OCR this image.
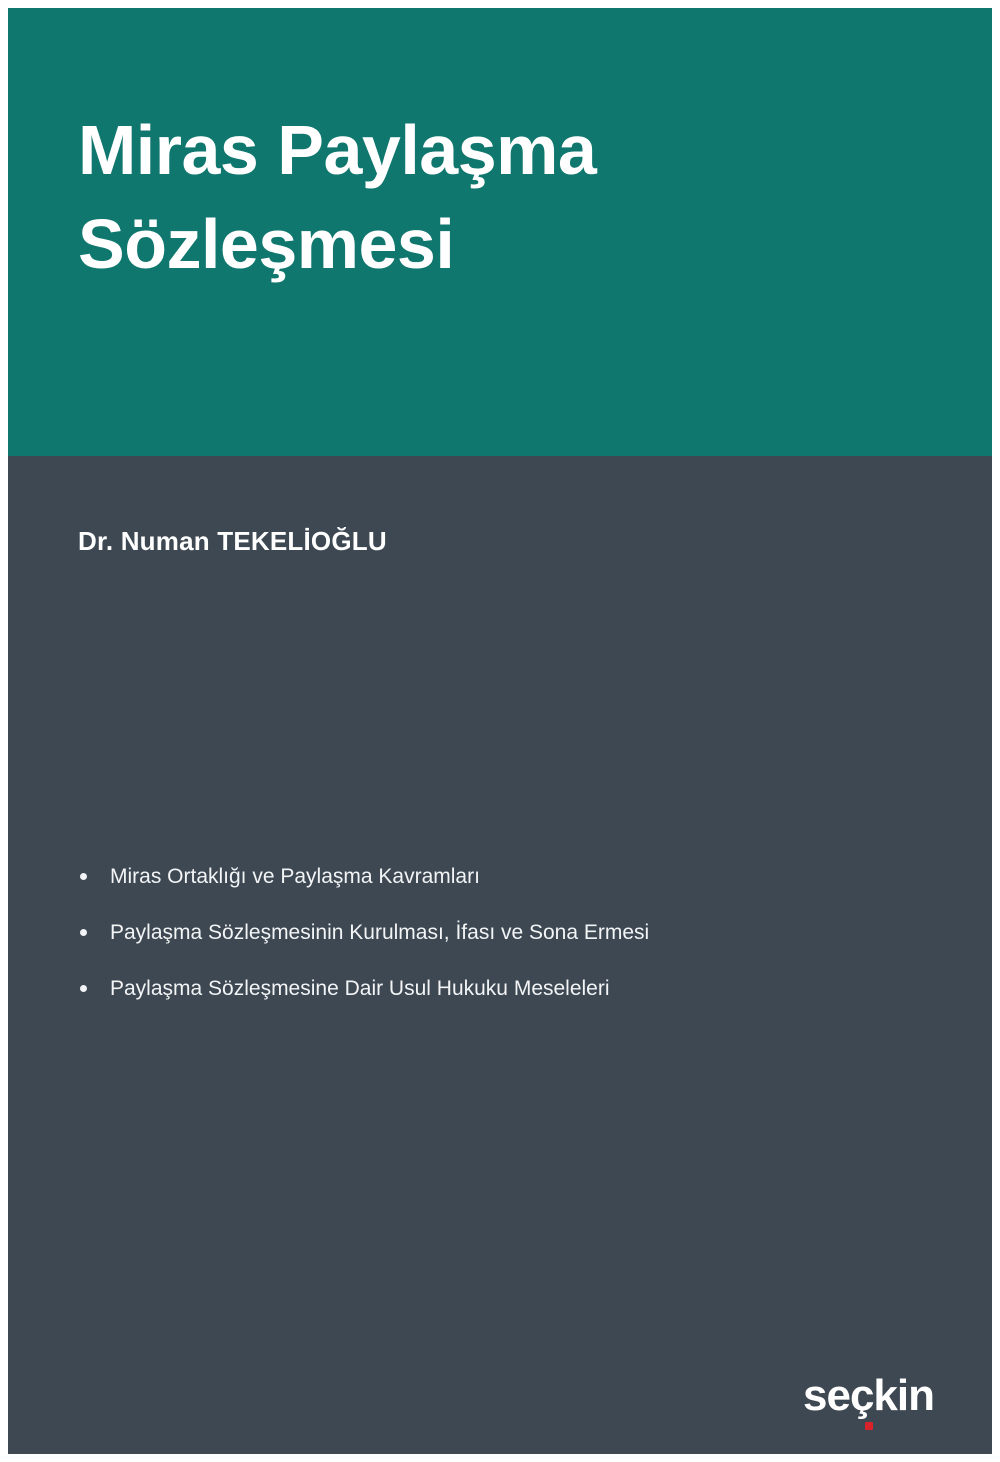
Miras Paylaşma Sözleşmesi
Dr. Numan TEKELİOĞLU
Miras Ortaklığı ve Paylaşma Kavramları
Paylaşma Sözleşmesinin Kurulması, İfası ve Sona Ermesi
Paylaşma Sözleşmesine Dair Usul Hukuku Meseleleri
seçkin
